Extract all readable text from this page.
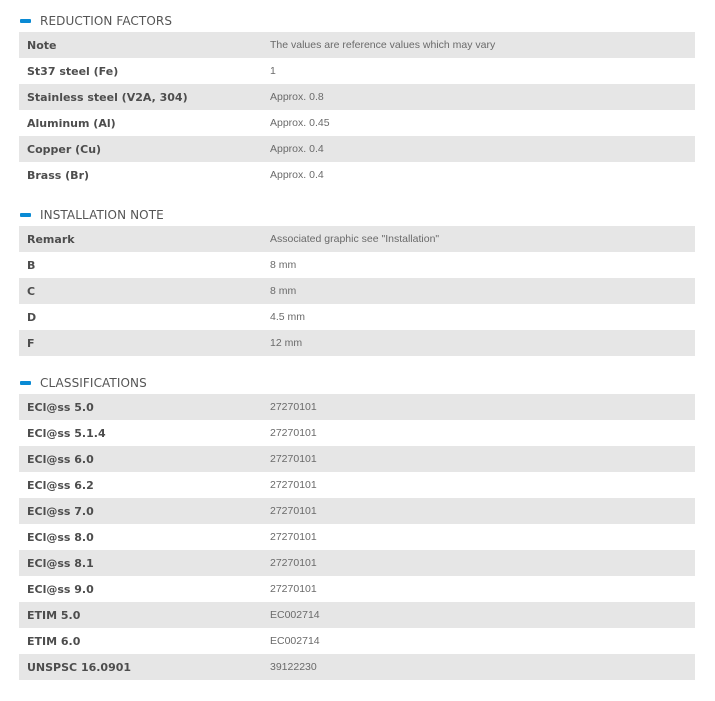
REDUCTION FACTORS
Note	The values are reference values which may vary
St37 steel (Fe)	1
Stainless steel (V2A, 304)	Approx. 0.8
Aluminum (Al)	Approx. 0.45
Copper (Cu)	Approx. 0.4
Brass (Br)	Approx. 0.4
INSTALLATION NOTE
Remark	Associated graphic see "Installation"
B	8 mm
C	8 mm
D	4.5 mm
F	12 mm
CLASSIFICATIONS
ECl@ss 5.0	27270101
ECl@ss 5.1.4	27270101
ECl@ss 6.0	27270101
ECl@ss 6.2	27270101
ECl@ss 7.0	27270101
ECl@ss 8.0	27270101
ECl@ss 8.1	27270101
ECl@ss 9.0	27270101
ETIM 5.0	EC002714
ETIM 6.0	EC002714
UNSPSC 16.0901	39122230
